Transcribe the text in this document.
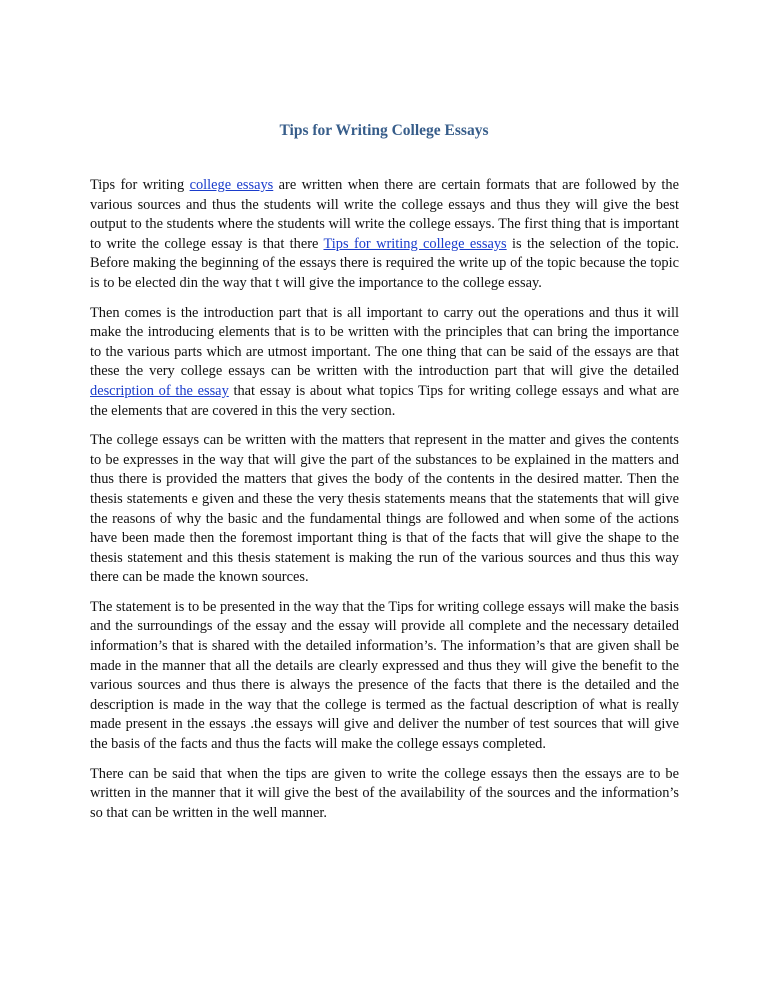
Tips for Writing College Essays

Tips for writing college essays are written when there are certain formats that are followed by the various sources and thus the students will write the college essays and thus they will give the best output to the students where the students will write the college essays. The first thing that is important to write the college essay is that there Tips for writing college essays is the selection of the topic. Before making the beginning of the essays there is required the write up of the topic because the topic is to be elected din the way that t will give the importance to the college essay.

Then comes is the introduction part that is all important to carry out the operations and thus it will make the introducing elements that is to be written with the principles that can bring the importance to the various parts which are utmost important. The one thing that can be said of the essays are that these the very college essays can be written with the introduction part that will give the detailed description of the essay that essay is about what topics Tips for writing college essays and what are the elements that are covered in this the very section.

The college essays can be written with the matters that represent in the matter and gives the contents to be expresses in the way that will give the part of the substances to be explained in the matters and thus there is provided the matters that gives the body of the contents in the desired matter. Then the thesis statements e given and these the very thesis statements means that the statements that will give the reasons of why the basic and the fundamental things are followed and when some of the actions have been made then the foremost important thing is that of the facts that will give the shape to the thesis statement and this thesis statement is making the run of the various sources and thus this way there can be made the known sources.

The statement is to be presented in the way that the Tips for writing college essays will make the basis and the surroundings of the essay and the essay will provide all complete and the necessary detailed information’s that is shared with the detailed information’s. The information’s that are given shall be made in the manner that all the details are clearly expressed and thus they will give the benefit to the various sources and thus there is always the presence of the facts that there is the detailed and the description is made in the way that the college is termed as the factual description of what is really made present in the essays .the essays will give and deliver the number of test sources that will give the basis of the facts and thus the facts will make the college essays completed.

There can be said that when the tips are given to write the college essays then the essays are to be written in the manner that it will give the best of the availability of the sources and the information’s so that can be written in the well manner.
